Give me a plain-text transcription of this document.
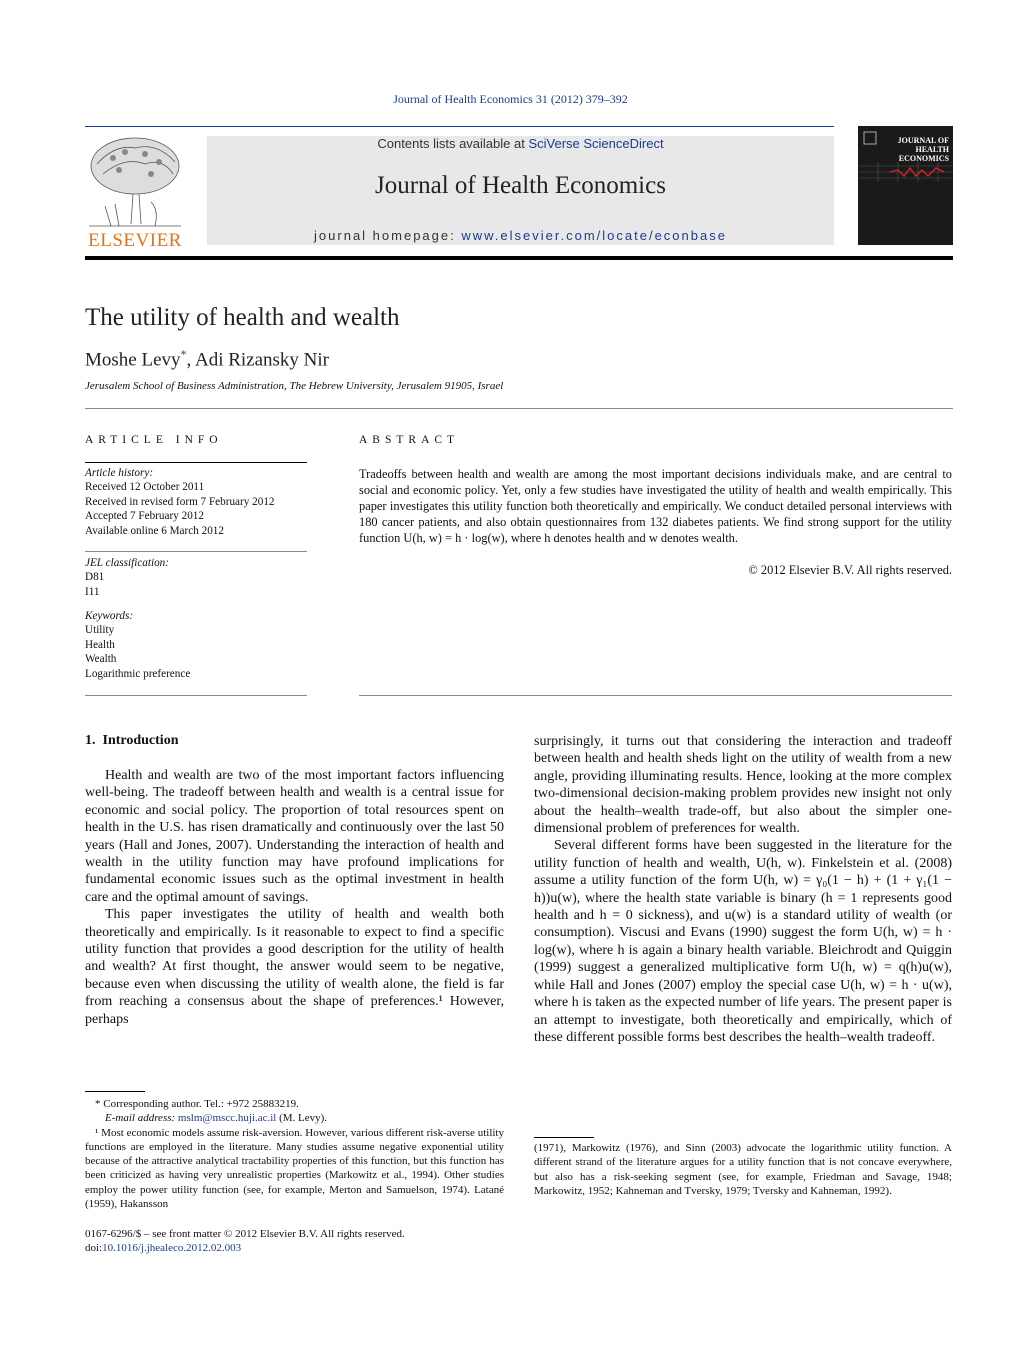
Journal of Health Economics 31 (2012) 379–392
ELSEVIER
Contents lists available at SciVerse ScienceDirect
Journal of Health Economics
journal homepage: www.elsevier.com/locate/econbase
JOURNAL OF HEALTH ECONOMICS
The utility of health and wealth
Moshe Levy*, Adi Rizansky Nir
Jerusalem School of Business Administration, The Hebrew University, Jerusalem 91905, Israel
ARTICLE INFO
Article history:
Received 12 October 2011
Received in revised form 7 February 2012
Accepted 7 February 2012
Available online 6 March 2012
JEL classification:
D81
I11
Keywords:
Utility
Health
Wealth
Logarithmic preference
ABSTRACT
Tradeoffs between health and wealth are among the most important decisions individuals make, and are central to social and economic policy. Yet, only a few studies have investigated the utility of health and wealth empirically. This paper investigates this utility function both theoretically and empirically. We conduct detailed personal interviews with 180 cancer patients, and also obtain questionnaires from 132 diabetes patients. We find strong support for the utility function U(h, w) = h · log(w), where h denotes health and w denotes wealth.
© 2012 Elsevier B.V. All rights reserved.
1.  Introduction

Health and wealth are two of the most important factors influencing well-being. The tradeoff between health and wealth is a central issue for economic and social policy. The proportion of total resources spent on health in the U.S. has risen dramatically and continuously over the last 50 years (Hall and Jones, 2007). Understanding the interaction of health and wealth in the utility function may have profound implications for fundamental economic issues such as the optimal investment in health care and the optimal amount of savings.

This paper investigates the utility of health and wealth both theoretically and empirically. Is it reasonable to expect to find a specific utility function that provides a good description for the utility of health and wealth? At first thought, the answer would seem to be negative, because even when discussing the utility of wealth alone, the field is far from reaching a consensus about the shape of preferences.¹ However, perhaps

surprisingly, it turns out that considering the interaction and tradeoff between health and health sheds light on the utility of wealth from a new angle, providing illuminating results. Hence, looking at the more complex two-dimensional decision-making problem provides new insight not only about the health–wealth trade-off, but also about the simpler one-dimensional problem of preferences for wealth.

Several different forms have been suggested in the literature for the utility function of health and wealth, U(h, w). Finkelstein et al. (2008) assume a utility function of the form U(h, w) = γ₀(1 − h) + (1 + γ₁(1 − h))u(w), where the health state variable is binary (h = 1 represents good health and h = 0 sickness), and u(w) is a standard utility of wealth (or consumption). Viscusi and Evans (1990) suggest the form U(h, w) = h · log(w), where h is again a binary health variable. Bleichrodt and Quiggin (1999) suggest a generalized multiplicative form U(h, w) = q(h)u(w), while Hall and Jones (2007) employ the special case U(h, w) = h · u(w), where h is taken as the expected number of life years. The present paper is an attempt to investigate, both theoretically and empirically, which of these different possible forms best describes the health–wealth tradeoff.

* Corresponding author. Tel.: +972 25883219.
E-mail address: mslm@mscc.huji.ac.il (M. Levy).
¹ Most economic models assume risk-aversion. However, various different risk-averse utility functions are employed in the literature. Many studies assume negative exponential utility because of the attractive analytical tractability properties of this function, but this function has been criticized as having very unrealistic properties (Markowitz et al., 1994). Other studies employ the power utility function (see, for example, Merton and Samuelson, 1974). Latané (1959), Hakansson
(1971), Markowitz (1976), and Sinn (2003) advocate the logarithmic utility function. A different strand of the literature argues for a utility function that is not concave everywhere, but also has a risk-seeking segment (see, for example, Friedman and Savage, 1948; Markowitz, 1952; Kahneman and Tversky, 1979; Tversky and Kahneman, 1992).
0167-6296/$ – see front matter © 2012 Elsevier B.V. All rights reserved.
doi:10.1016/j.jhealeco.2012.02.003
